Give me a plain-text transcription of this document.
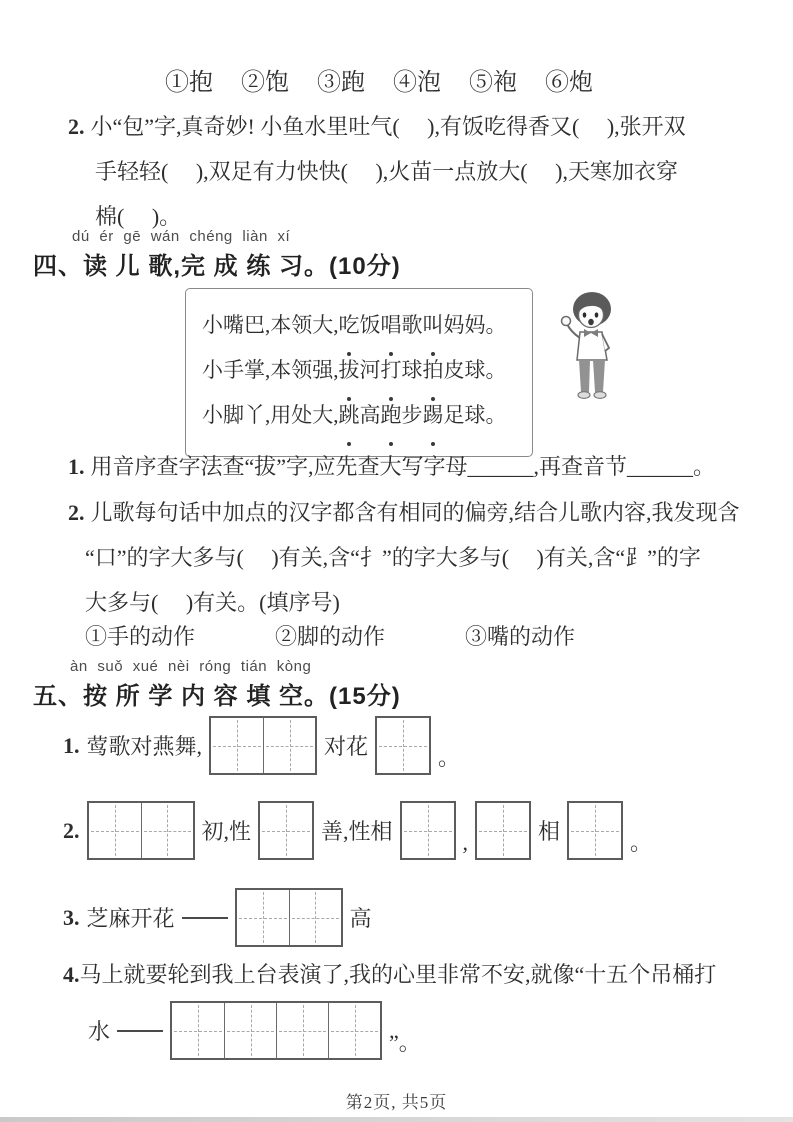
①抱 ②饱 ③跑 ④泡 ⑤袍 ⑥炮
2. 小“包”字,真奇妙! 小鱼水里吐气(     ),有饭吃得香又(     ),张开双
手轻轻(     ),双足有力快快(     ),火苗一点放大(     ),天寒加衣穿
棉(     )。
dú ér gē wán chéng liàn xí
四、读 儿 歌,完 成 练 习。(10分)
小嘴巴,本领大,吃饭唱歌叫妈妈。
小手掌,本领强,拔河打球拍皮球。
小脚丫,用处大,跳高跑步踢足球。
1. 用音序查字法查“拔”字,应先查大写字母______,再查音节______。
2. 儿歌每句话中加点的汉字都含有相同的偏旁,结合儿歌内容,我发现含
“口”的字大多与(     )有关,含“扌”的字大多与(     )有关,含“⻊”的字
大多与(     )有关。(填序号)
①手的动作	②脚的动作	③嘴的动作
àn suǒ xué nèi róng tián kòng
五、按 所 学 内 容 填 空。(15分)
1. 莺歌对燕舞,	对花	。
2.	初,性	善,性相	,	相	。
3. 芝麻开花	高
4.马上就要轮到我上台表演了,我的心里非常不安,就像“十五个吊桶打
水	”。
第2页, 共5页
